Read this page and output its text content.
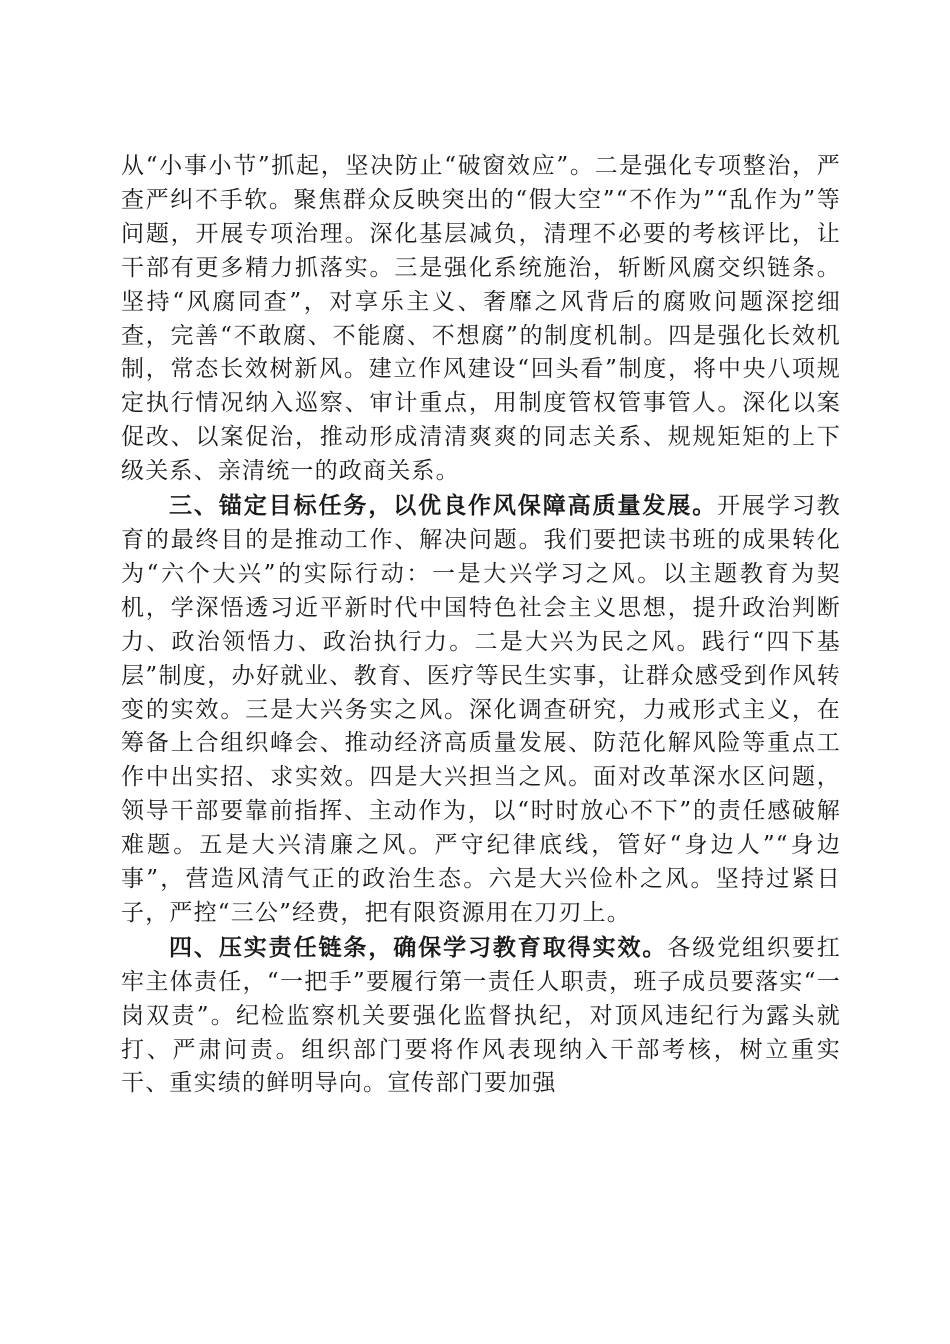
从“小事小节”抓起，坚决防止“破窗效应”。二是强化专项整治，严查严纠不手软。聚焦群众反映突出的“假大空”“不作为”“乱作为”等问题，开展专项治理。深化基层减负，清理不必要的考核评比，让干部有更多精力抓落实。三是强化系统施治，斩断风腐交织链条。坚持“风腐同查”，对享乐主义、奢靡之风背后的腐败问题深挖细查，完善“不敢腐、不能腐、不想腐”的制度机制。四是强化长效机制，常态长效树新风。建立作风建设“回头看”制度，将中央八项规定执行情况纳入巡察、审计重点，用制度管权管事管人。深化以案促改、以案促治，推动形成清清爽爽的同志关系、规规矩矩的上下级关系、亲清统一的政商关系。

三、锚定目标任务，以优良作风保障高质量发展。开展学习教育的最终目的是推动工作、解决问题。我们要把读书班的成果转化为“六个大兴”的实际行动：一是大兴学习之风。以主题教育为契机，学深悟透习近平新时代中国特色社会主义思想，提升政治判断力、政治领悟力、政治执行力。二是大兴为民之风。践行“四下基层”制度，办好就业、教育、医疗等民生实事，让群众感受到作风转变的实效。三是大兴务实之风。深化调查研究，力戒形式主义，在筹备上合组织峰会、推动经济高质量发展、防范化解风险等重点工作中出实招、求实效。四是大兴担当之风。面对改革深水区问题，领导干部要靠前指挥、主动作为，以“时时放心不下”的责任感破解难题。五是大兴清廉之风。严守纪律底线，管好“身边人”“身边事”，营造风清气正的政治生态。六是大兴俭朴之风。坚持过紧日子，严控“三公”经费，把有限资源用在刀刃上。

四、压实责任链条，确保学习教育取得实效。各级党组织要扛牢主体责任，“一把手”要履行第一责任人职责，班子成员要落实“一岗双责”。纪检监察机关要强化监督执纪，对顶风违纪行为露头就打、严肃问责。组织部门要将作风表现纳入干部考核，树立重实干、重实绩的鲜明导向。宣传部门要加强
